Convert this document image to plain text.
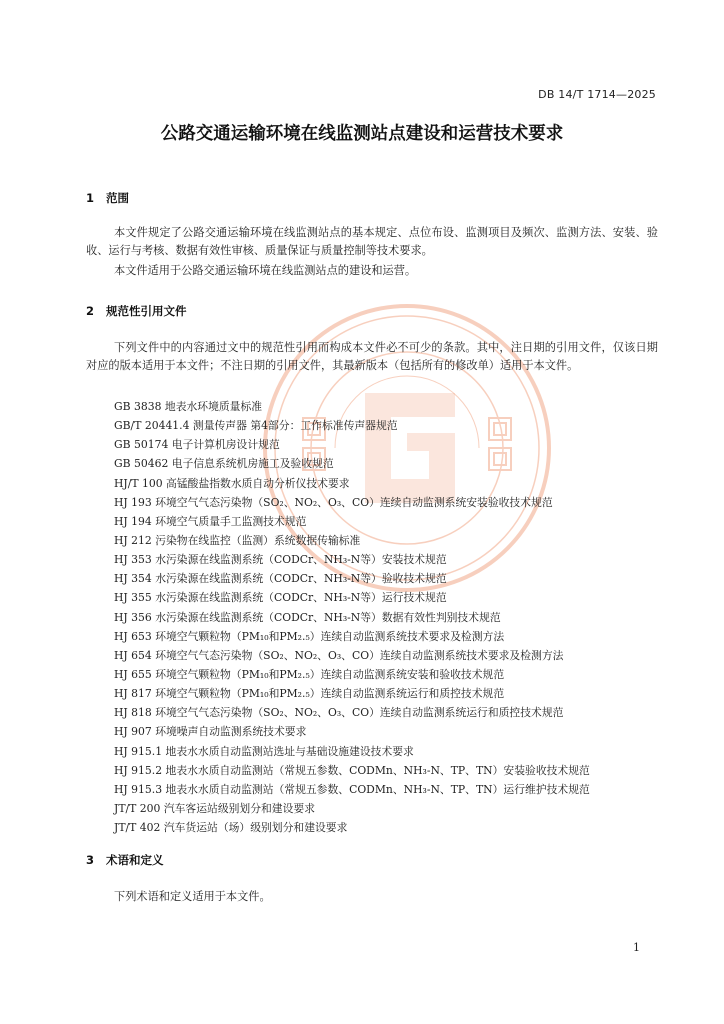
DB 14/T 1714—2025
公路交通运输环境在线监测站点建设和运营技术要求
1 范围
本文件规定了公路交通运输环境在线监测站点的基本规定、点位布设、监测项目及频次、监测方法、安装、验收、运行与考核、数据有效性审核、质量保证与质量控制等技术要求。
本文件适用于公路交通运输环境在线监测站点的建设和运营。
2 规范性引用文件
下列文件中的内容通过文中的规范性引用而构成本文件必不可少的条款。其中，注日期的引用文件，仅该日期对应的版本适用于本文件；不注日期的引用文件，其最新版本（包括所有的修改单）适用于本文件。
GB 3838 地表水环境质量标准
GB/T 20441.4 测量传声器 第4部分：工作标准传声器规范
GB 50174 电子计算机房设计规范
GB 50462 电子信息系统机房施工及验收规范
HJ/T 100 高锰酸盐指数水质自动分析仪技术要求
HJ 193 环境空气气态污染物（SO₂、NO₂、O₃、CO）连续自动监测系统安装验收技术规范
HJ 194 环境空气质量手工监测技术规范
HJ 212 污染物在线监控（监测）系统数据传输标准
HJ 353 水污染源在线监测系统（CODCr、NH₃-N等）安装技术规范
HJ 354 水污染源在线监测系统（CODCr、NH₃-N等）验收技术规范
HJ 355 水污染源在线监测系统（CODCr、NH₃-N等）运行技术规范
HJ 356 水污染源在线监测系统（CODCr、NH₃-N等）数据有效性判别技术规范
HJ 653 环境空气颗粒物（PM₁₀和PM₂.₅）连续自动监测系统技术要求及检测方法
HJ 654 环境空气气态污染物（SO₂、NO₂、O₃、CO）连续自动监测系统技术要求及检测方法
HJ 655 环境空气颗粒物（PM₁₀和PM₂.₅）连续自动监测系统安装和验收技术规范
HJ 817 环境空气颗粒物（PM₁₀和PM₂.₅）连续自动监测系统运行和质控技术规范
HJ 818 环境空气气态污染物（SO₂、NO₂、O₃、CO）连续自动监测系统运行和质控技术规范
HJ 907 环境噪声自动监测系统技术要求
HJ 915.1 地表水水质自动监测站选址与基础设施建设技术要求
HJ 915.2 地表水水质自动监测站（常规五参数、CODMn、NH₃-N、TP、TN）安装验收技术规范
HJ 915.3 地表水水质自动监测站（常规五参数、CODMn、NH₃-N、TP、TN）运行维护技术规范
JT/T 200 汽车客运站级别划分和建设要求
JT/T 402 汽车货运站（场）级别划分和建设要求
3 术语和定义
下列术语和定义适用于本文件。
1
